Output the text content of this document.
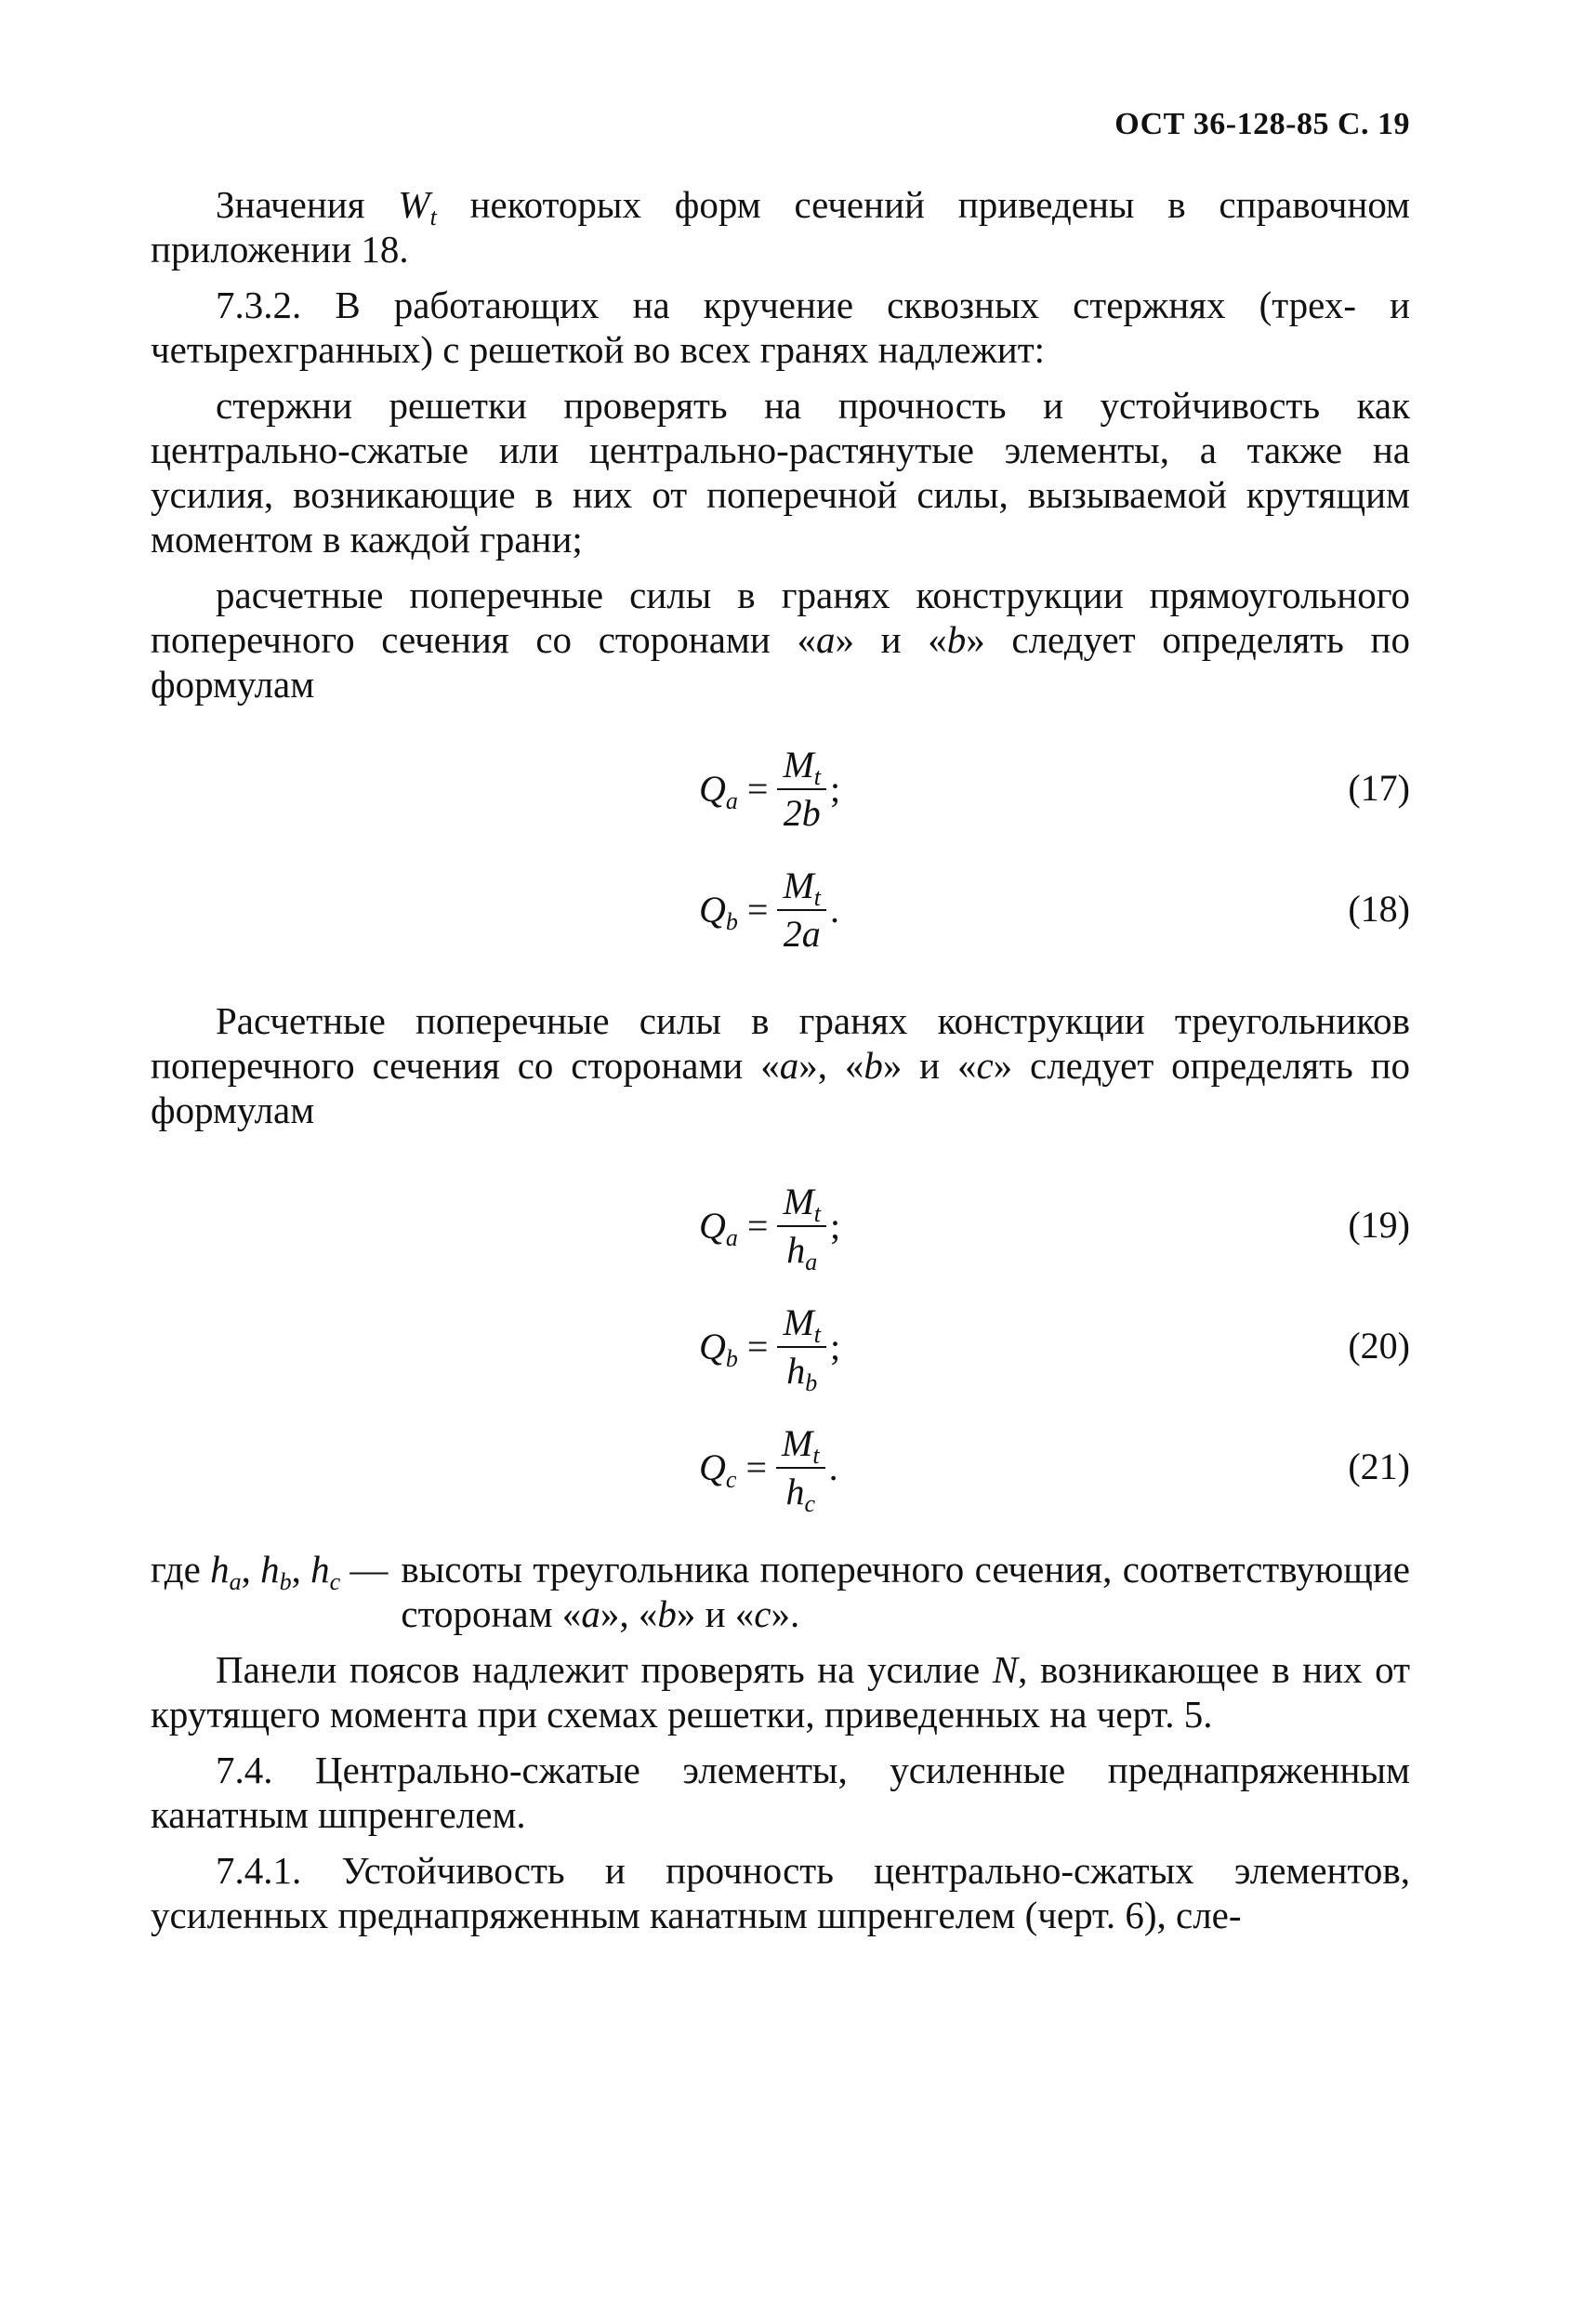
ОСТ 36-128-85 С. 19

Значения $W_t$ некоторых форм сечений приведены в справочном приложении 18.

7.3.2. В работающих на кручение сквозных стержнях (трех- и четырехгранных) с решеткой во всех гранях надлежит:

стержни решетки проверять на прочность и устойчивость как центрально-сжатые или центрально-растянутые элементы, а также на усилия, возникающие в них от поперечной силы, вызываемой крутящим моментом в каждой грани;

расчетные поперечные силы в гранях конструкции прямоугольного поперечного сечения со сторонами «a» и «b» следует определять по формулам

$Q_a = \frac{M_t}{2b}$ ;	(17)
$Q_b = \frac{M_t}{2a}$ .	(18)

Расчетные поперечные силы в гранях конструкции треугольников поперечного сечения со сторонами «a», «b» и «c» следует определять по формулам

$Q_a = \frac{M_t}{h_a}$ ;	(19)
$Q_b = \frac{M_t}{h_b}$ ;	(20)
$Q_c = \frac{M_t}{h_c}$ .	(21)
где $h_a$, $h_b$, $h_c$ — высоты треугольника поперечного сечения, соответствующие сторонам «a», «b» и «c».

Панели поясов надлежит проверять на усилие N, возникающее в них от крутящего момента при схемах решетки, приведенных на черт. 5.

7.4. Центрально-сжатые элементы, усиленные преднапряженным канатным шпренгелем.

7.4.1. Устойчивость и прочность центрально-сжатых элементов, усиленных преднапряженным канатным шпренгелем (черт. 6), сле-
